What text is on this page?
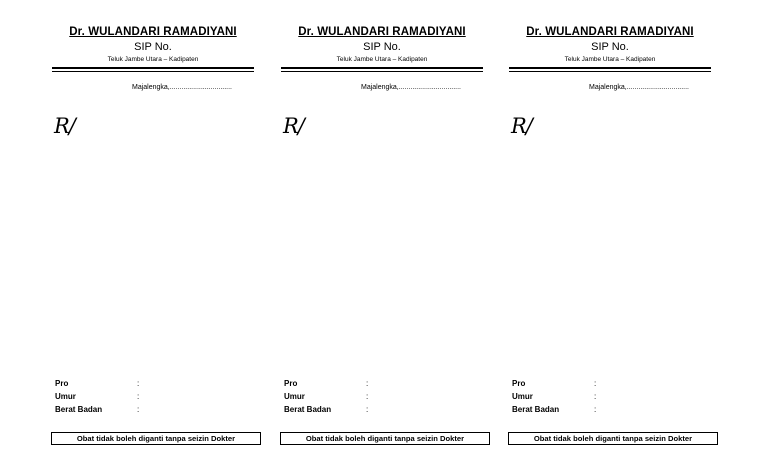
Dr. WULANDARI RAMADIYANI
SIP No.
Teluk Jambe Utara – Kadipaten
Majalengka,................................
R/
Pro	:
Umur	:
Berat Badan	:
Obat tidak boleh diganti tanpa seizin Dokter
Dr. WULANDARI RAMADIYANI
SIP No.
Teluk Jambe Utara – Kadipaten
Majalengka,................................
R/
Pro	:
Umur	:
Berat Badan	:
Obat tidak boleh diganti tanpa seizin Dokter
Dr. WULANDARI RAMADIYANI
SIP No.
Teluk Jambe Utara – Kadipaten
Majalengka,................................
R/
Pro	:
Umur	:
Berat Badan	:
Obat tidak boleh diganti tanpa seizin Dokter
